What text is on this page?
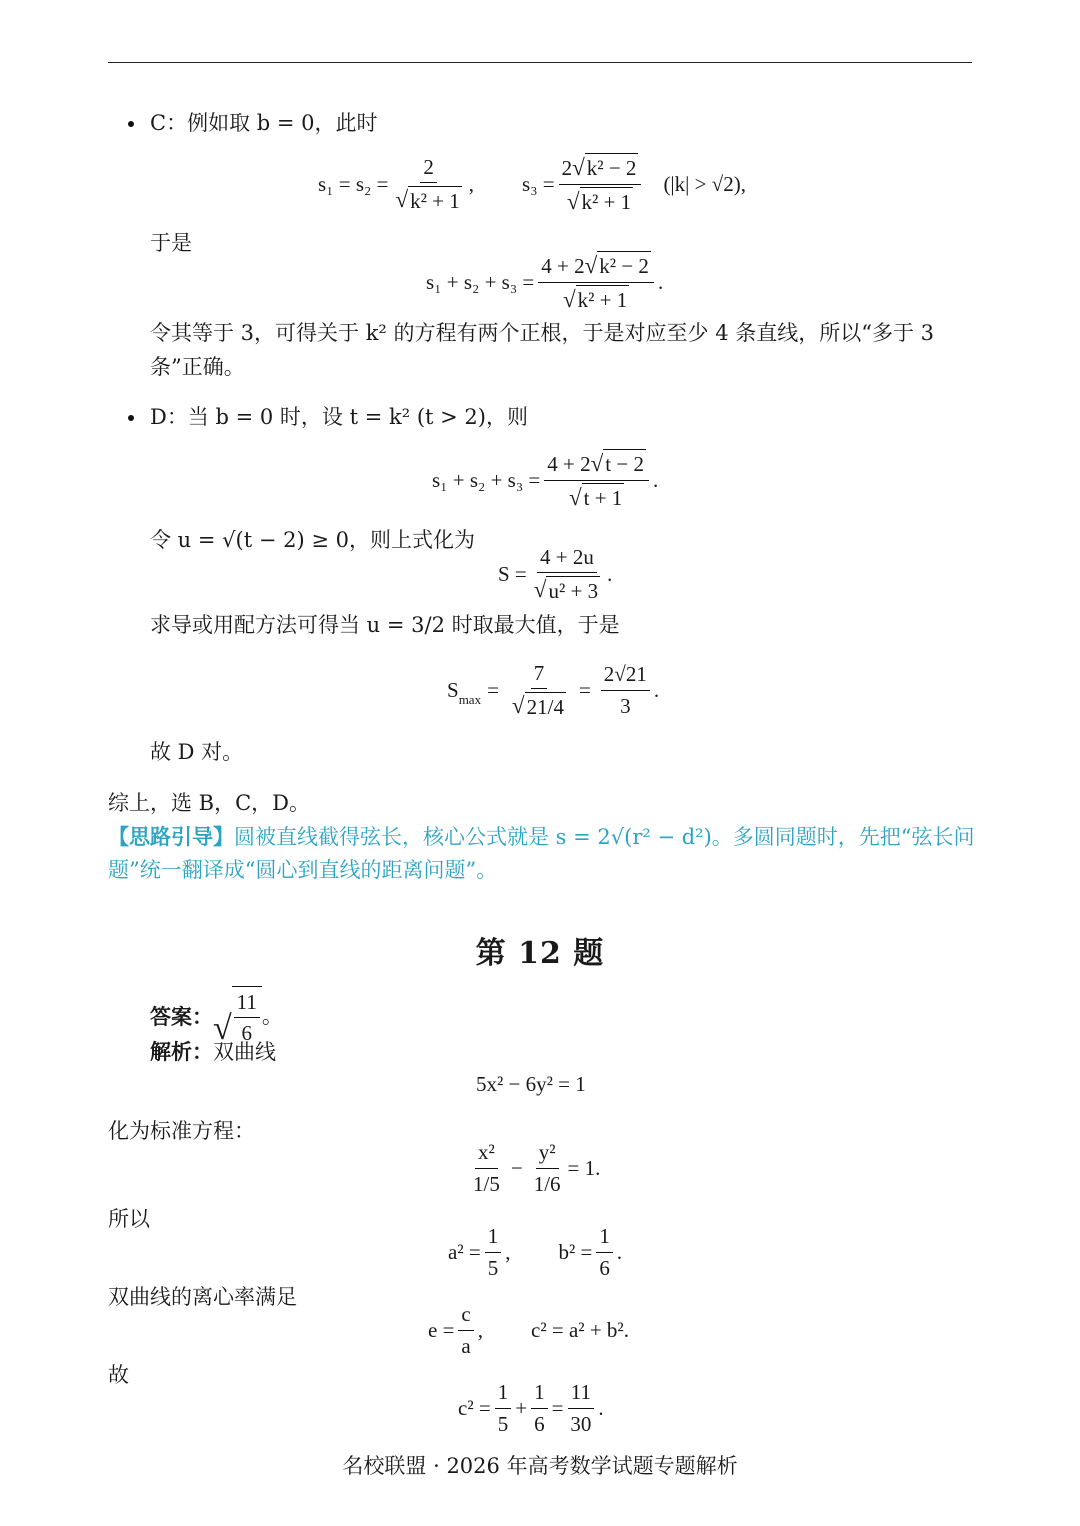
C：例如取 b = 0，此时
$s_1 = s_2 = \frac{2}{\text{√ k² + 1}}$ , $s_3 = \frac{\text{2 √ k² − 2}}{\text{√ k² + 1}} (|k| > √2)$,
于是
$s_1 + s_2 + s_3 = \frac{\text{4 + 2 √ k² − 2}}{\text{√ k² + 1}}$ .
令其等于 3，可得关于 k² 的方程有两个正根，于是对应至少 4 条直线，所以“多于 3
条”正确。
D：当 b = 0 时，设 t = k² (t > 2)，则
$s_1 + s_2 + s_3 = \frac{4 + 2 √ t - 2}{√ t + 1}$ .
令 u = √(t − 2) ≥ 0，则上式化为
$S = \frac{4 + 2u}{\text{√ u² + 3}}$ .
求导或用配方法可得当 u = 3/2 时取最大值，于是
$S_{max} = \frac{7}{√ 21/4} = \frac{2√21}{3}$ .
故 D 对。
综上，选 B，C，D。
【思路引导】圆被直线截得弦长，核心公式就是 s = 2√(r² − d²)。多圆同题时，先把“弦长问
题”统一翻译成“圆心到直线的距离问题”。
第 12 题
答案： √ $\frac{11}{6}$ 。
解析：双曲线
5x² − 6y² = 1
化为标准方程：
$\frac{\text{x²}}{1/5} - \frac{\text{y²}}{1/6} = 1$.
所以
$a^2 = \frac{1}{5}$ , $b^2 = \frac{1}{6}$ .
双曲线的离心率满足
$e = \frac{c}{a}$ , c² = a² + b².
故
$c^2 = \frac{1}{5} + \frac{1}{6} = \frac{11}{30}$ .
名校联盟 · 2026 年高考数学试题专题解析
